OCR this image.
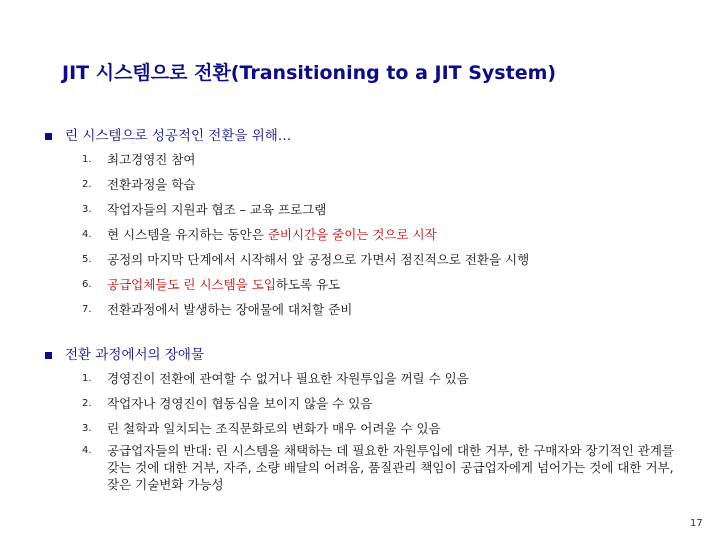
JIT 시스템으로 전환(Transitioning to a JIT System)
린 시스템으로 성공적인 전환을 위해…
1. 최고경영진 참여
2. 전환과정을 학습
3. 작업자들의 지원과 협조 – 교육 프로그램
4. 현 시스템을 유지하는 동안은 준비시간을 줄이는 것으로 시작
5. 공정의 마지막 단계에서 시작해서 앞 공정으로 가면서 점진적으로 전환을 시행
6. 공급업체들도 린 시스템을 도입하도록 유도
7. 전환과정에서 발생하는 장애물에 대처할 준비
전환 과정에서의 장애물
1. 경영진이 전환에 관여할 수 없거나 필요한 자원투입을 꺼릴 수 있음
2. 작업자나 경영진이 협동심을 보이지 않을 수 있음
3. 린 철학과 일치되는 조직문화로의 변화가 매우 어려울 수 있음
4. 공급업자들의 반대: 린 시스템을 채택하는 데 필요한 자원투입에 대한 거부, 한 구매자와 장기적인 관계를 갖는 것에 대한 거부, 자주, 소량 배달의 어려움, 품질관리 책임이 공급업자에게 넘어가는 것에 대한 거부, 잦은 기술변화 가능성
17
